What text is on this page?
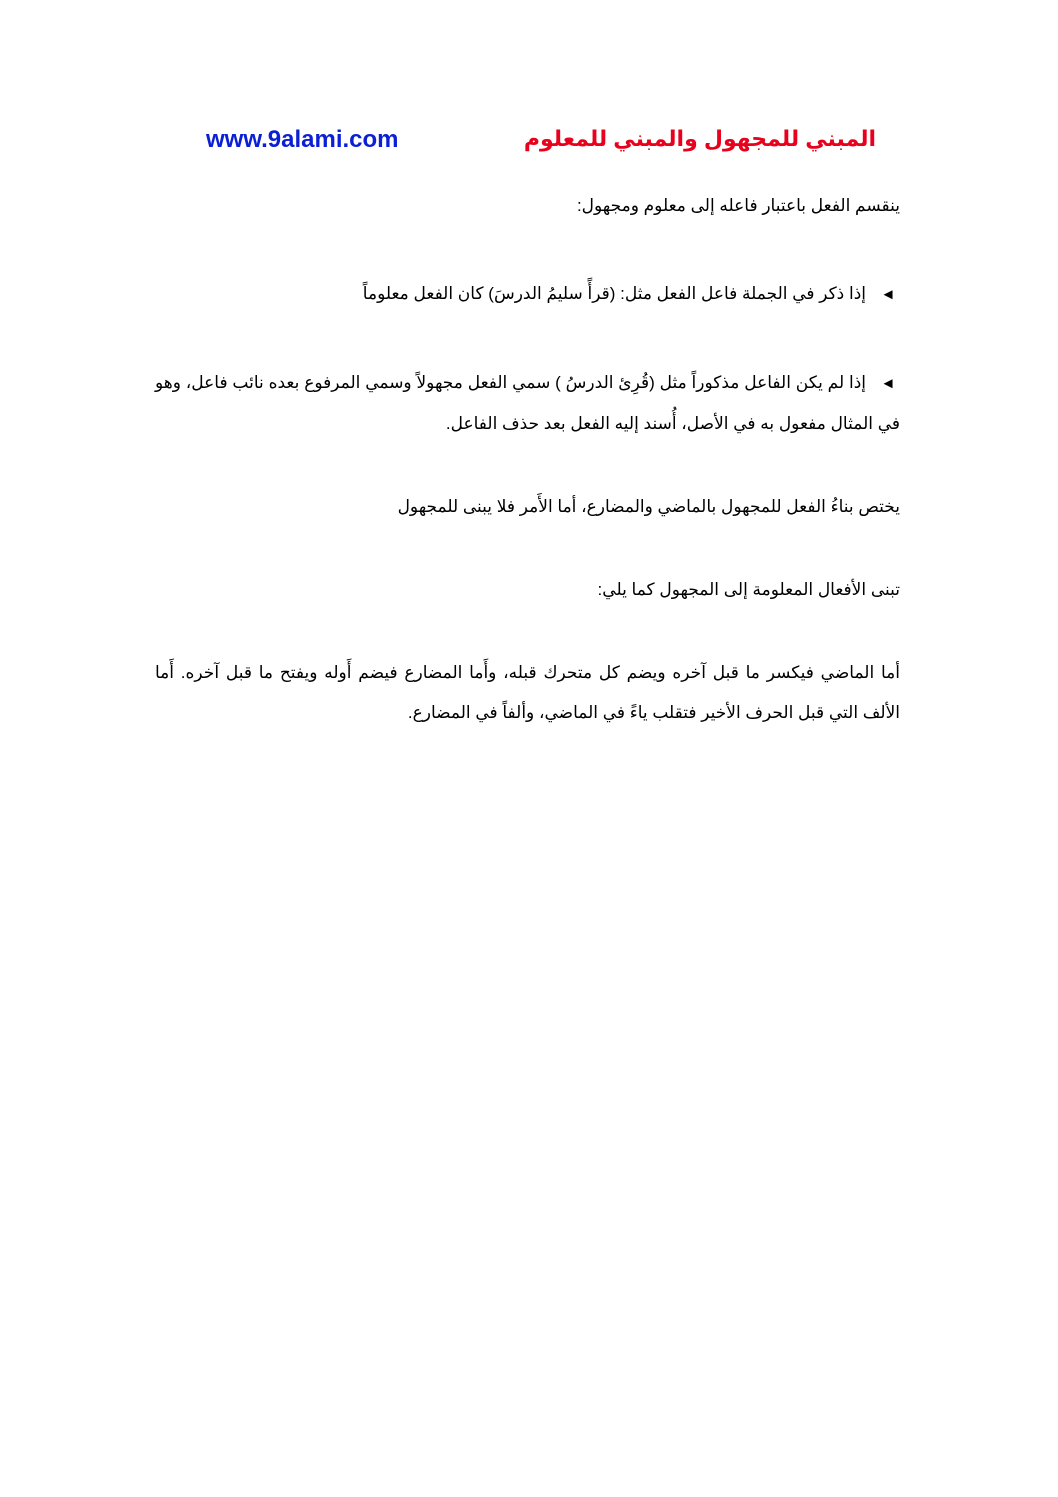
المبني للمجهول والمبني للمعلوم
www.9alami.com

ينقسم الفعل باعتبار فاعله إلى معلوم ومجهول:

◄إذا ذكر في الجملة فاعل الفعل مثل: (قرأً سليمُ الدرسَ) كان الفعل معلوماً

◄إذا لم يكن الفاعل مذكوراً مثل (قُرِئ الدرسُ ) سمي الفعل مجهولاً وسمي المرفوع بعده نائب فاعل، وهو في المثال مفعول به في الأصل، أُسند إليه الفعل بعد حذف الفاعل.

يختص بناءُ الفعل للمجهول بالماضي والمضارع، أما الأَمر فلا يبنى للمجهول

تبنى الأفعال المعلومة إلى المجهول كما يلي:

أما الماضي فيكسر ما قبل آخره ويضم كل متحرك قبله، وأَما المضارع فيضم أَوله ويفتح ما قبل آخره. أَما الألف التي قبل الحرف الأخير فتقلب ياءً في الماضي، وألفاً في المضارع.
